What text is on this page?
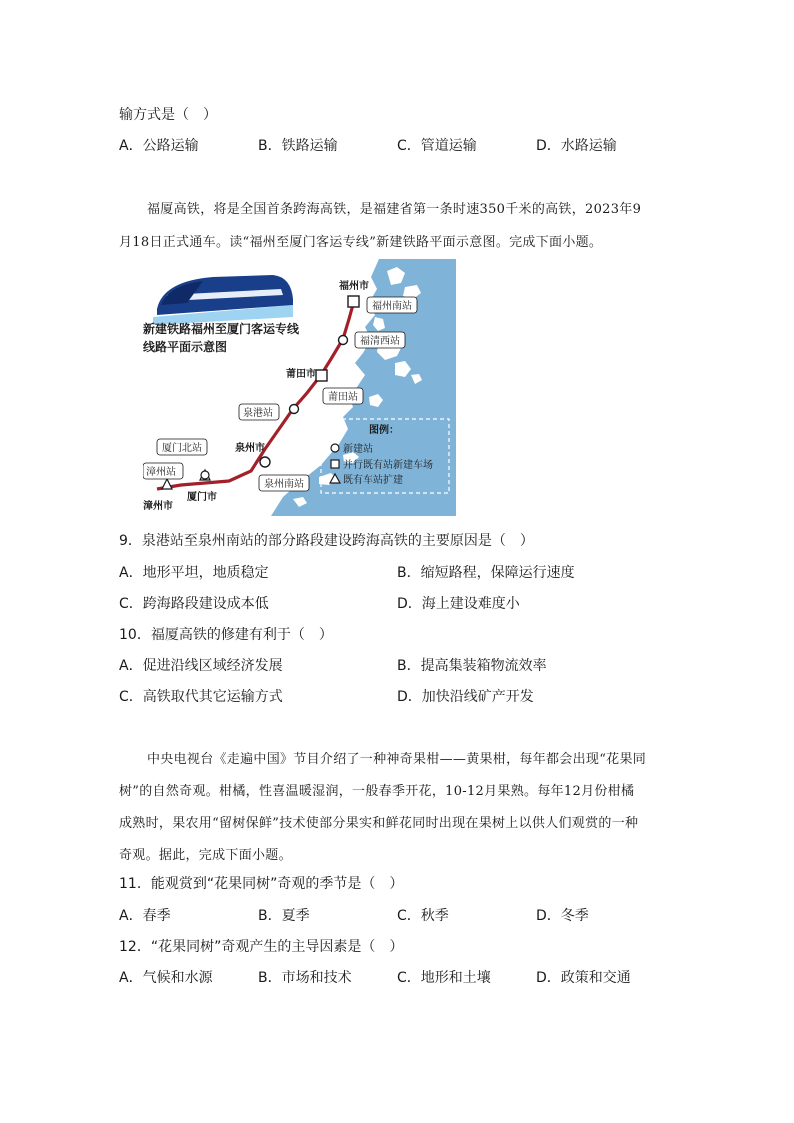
输方式是（　）
A．公路运输	B．铁路运输	C．管道运输	D．水路运输
福厦高铁，将是全国首条跨海高铁，是福建省第一条时速350千米的高铁，2023年9
月18日正式通车。读“福州至厦门客运专线”新建铁路平面示意图。完成下面小题。
新建铁路福州至厦门客运专线
线路平面示意图
福州市
莆田市
泉州市
厦门市
漳州市
福州南站
福清西站
莆田站
泉港站
泉州南站
厦门北站
漳州站
图例：
新建站
并行既有站新建车场
既有车站扩建
9．泉港站至泉州南站的部分路段建设跨海高铁的主要原因是（　）
A．地形平坦，地质稳定	B．缩短路程，保障运行速度
C．跨海路段建设成本低	D．海上建设难度小
10．福厦高铁的修建有利于（　）
A．促进沿线区域经济发展	B．提高集装箱物流效率
C．高铁取代其它运输方式	D．加快沿线矿产开发
中央电视台《走遍中国》节目介绍了一种神奇果柑——黄果柑，每年都会出现“花果同
树”的自然奇观。柑橘，性喜温暖湿润，一般春季开花，10-12月果熟。每年12月份柑橘
成熟时，果农用“留树保鲜”技术使部分果实和鲜花同时出现在果树上以供人们观赏的一种
奇观。据此，完成下面小题。
11．能观赏到“花果同树”奇观的季节是（　）
A．春季	B．夏季	C．秋季	D．冬季
12．“花果同树”奇观产生的主导因素是（　）
A．气候和水源	B．市场和技术	C．地形和土壤	D．政策和交通
